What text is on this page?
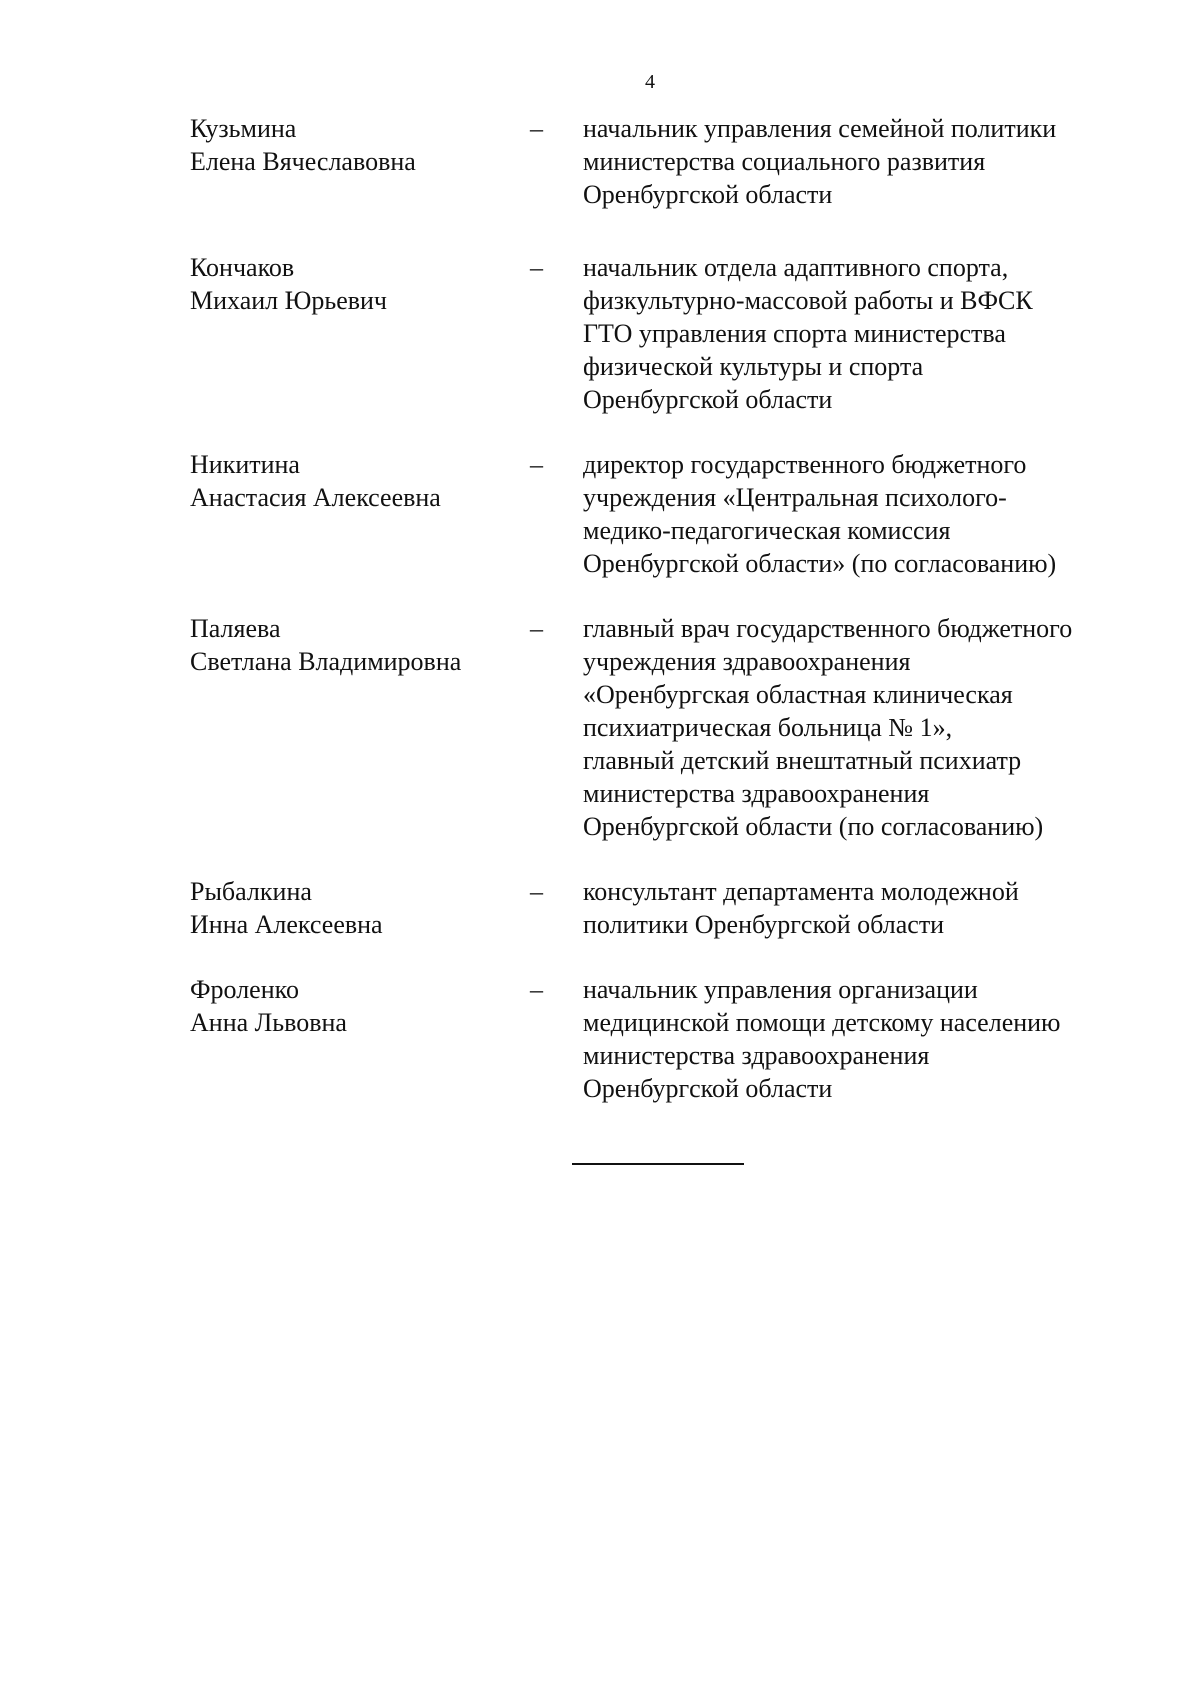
4
Кузьмина
Елена Вячеславовна
– начальник управления семейной политики
министерства социального развития
Оренбургской области
Кончаков
Михаил Юрьевич
– начальник отдела адаптивного спорта,
физкультурно-массовой работы и ВФСК
ГТО управления спорта министерства
физической культуры и спорта
Оренбургской области
Никитина
Анастасия Алексеевна
– директор государственного бюджетного
учреждения «Центральная психолого-
медико-педагогическая комиссия
Оренбургской области» (по согласованию)
Паляева
Светлана Владимировна
– главный врач государственного бюджетного
учреждения здравоохранения
«Оренбургская областная клиническая
психиатрическая больница № 1»,
главный детский внештатный психиатр
министерства здравоохранения
Оренбургской области (по согласованию)
Рыбалкина
Инна Алексеевна
– консультант департамента молодежной
политики Оренбургской области
Фроленко
Анна Львовна
– начальник управления организации
медицинской помощи детскому населению
министерства здравоохранения
Оренбургской области
